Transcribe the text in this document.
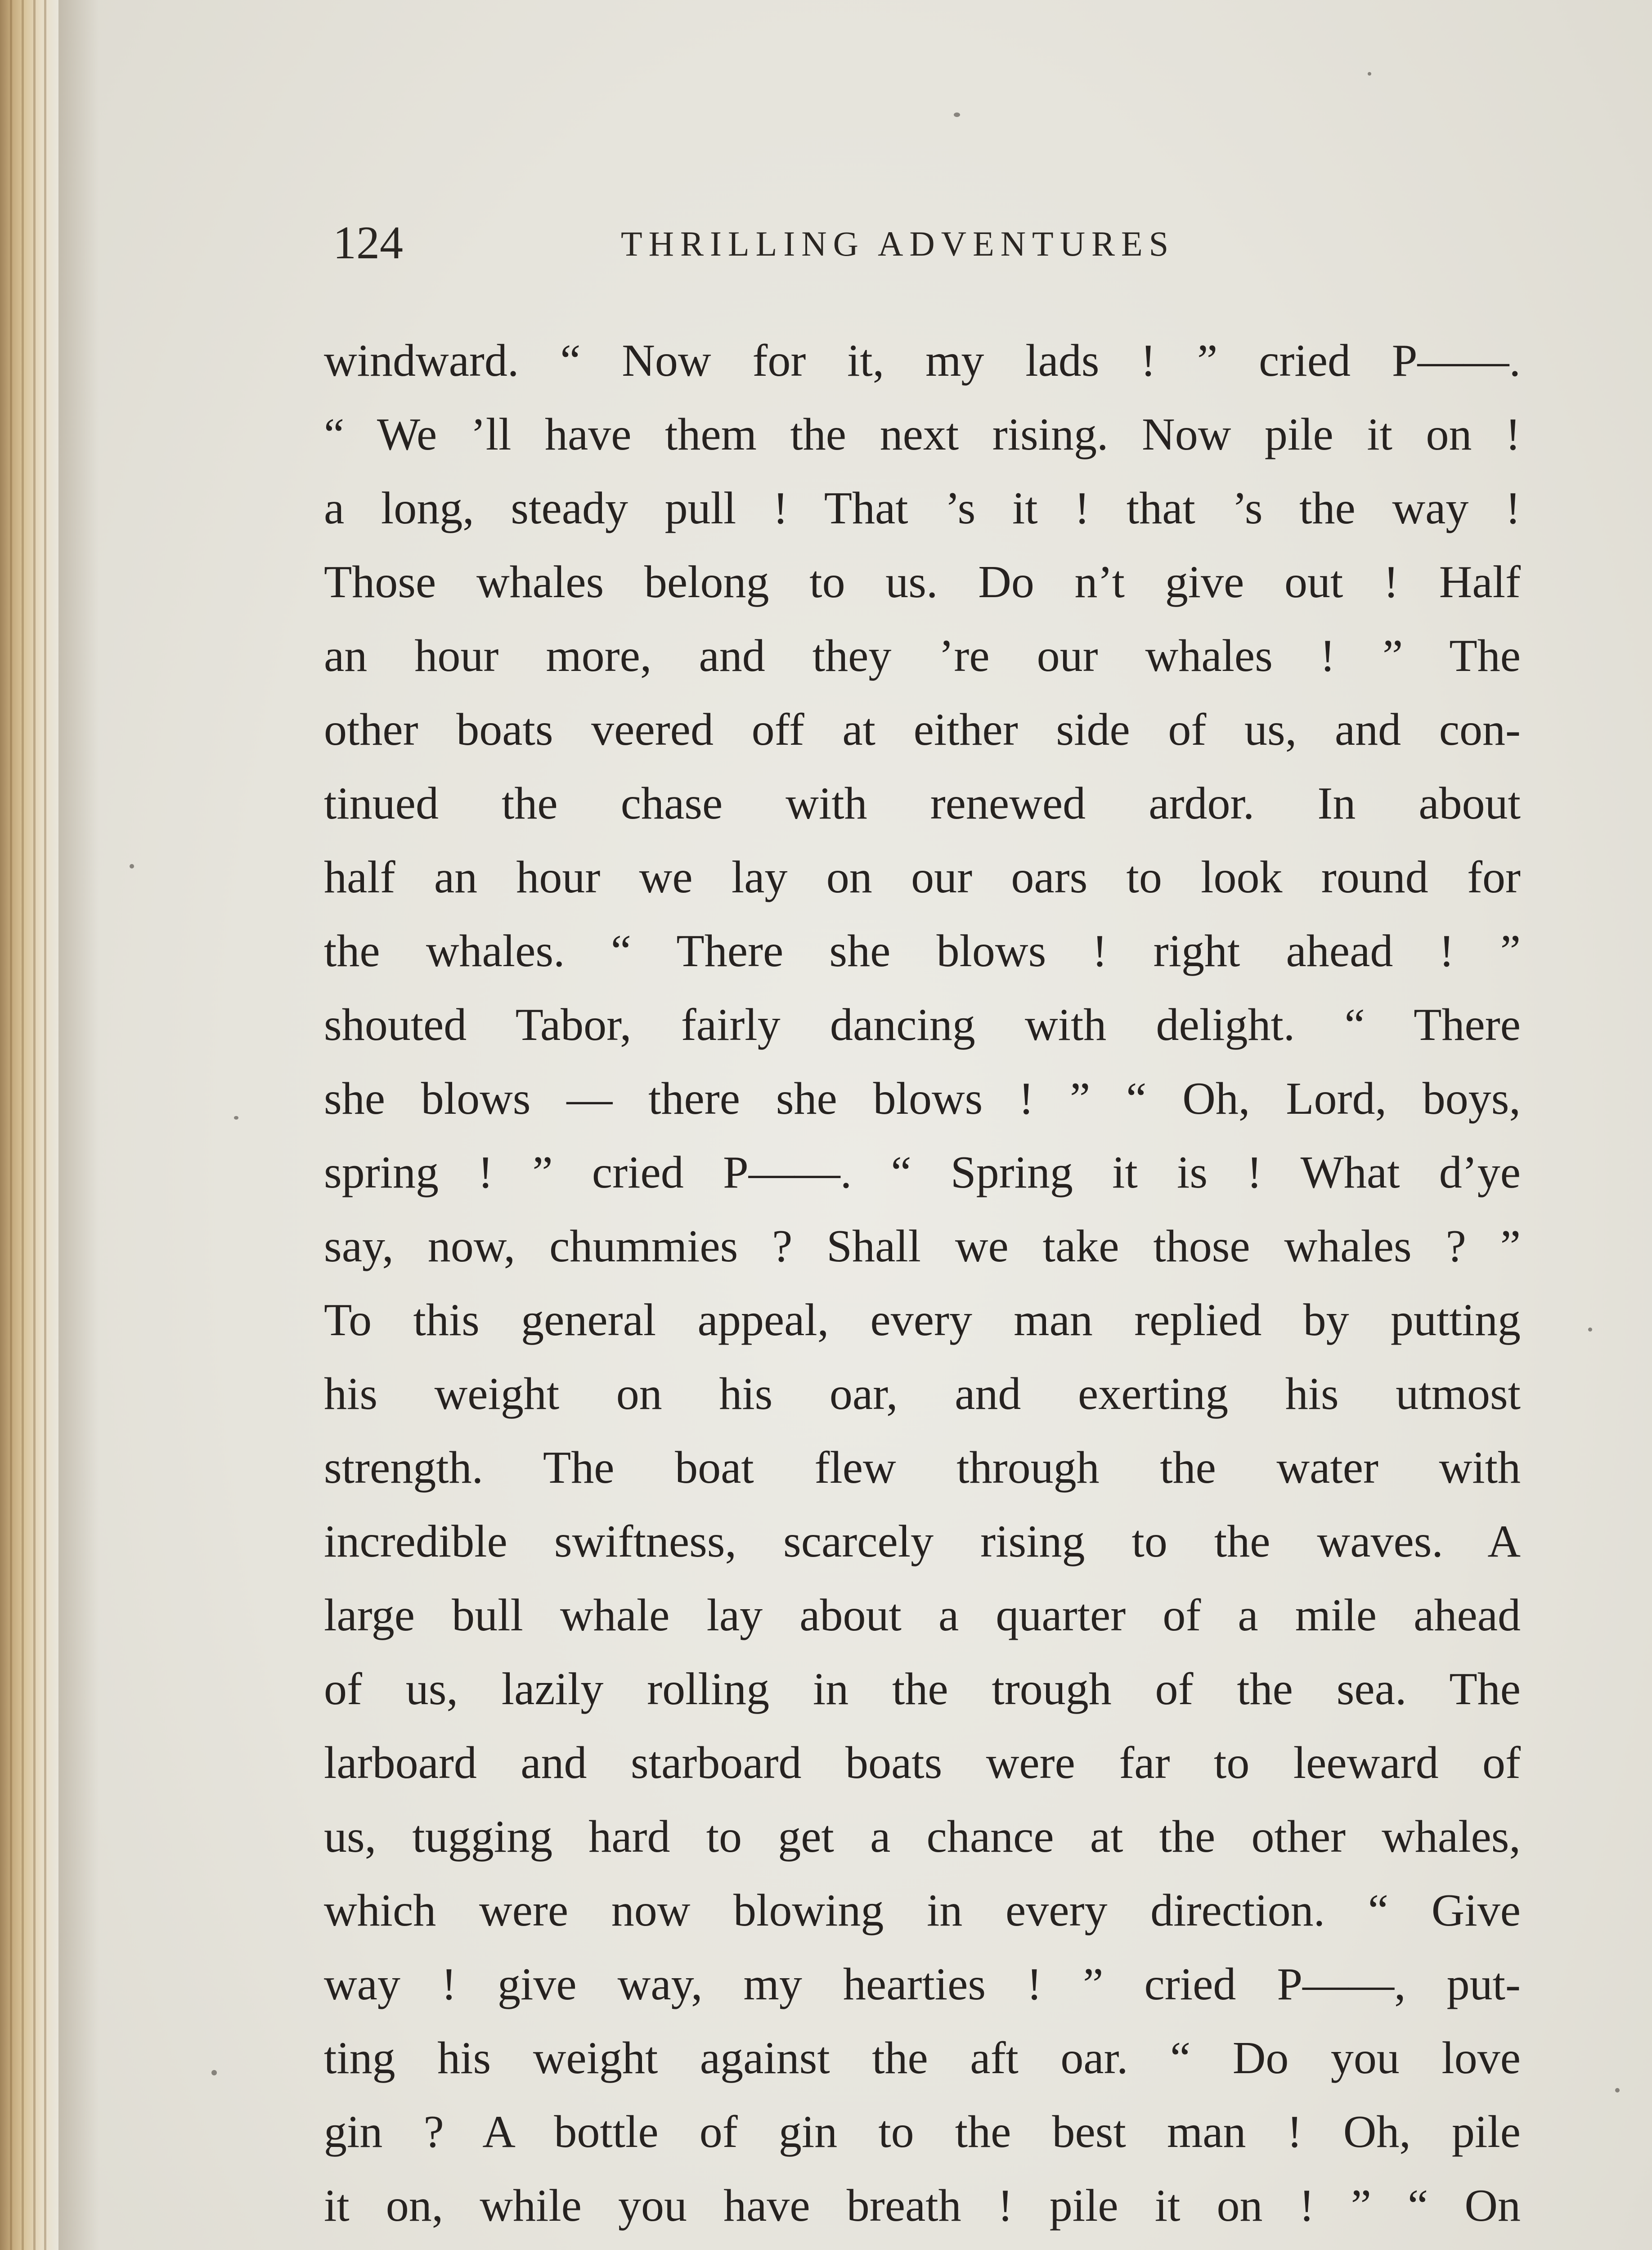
124	THRILLING ADVENTURES
windward. “ Now for it, my lads ! ” cried P——.
“ We ’ll have them the next rising. Now pile it on !
a long, steady pull ! That ’s it ! that ’s the way !
Those whales belong to us. Do n’t give out ! Half
an hour more, and they ’re our whales ! ” The
other boats veered off at either side of us, and con-
tinued the chase with renewed ardor. In about
half an hour we lay on our oars to look round for
the whales. “ There she blows ! right ahead ! ”
shouted Tabor, fairly dancing with delight. “ There
she blows — there she blows ! ” “ Oh, Lord, boys,
spring ! ” cried P——. “ Spring it is ! What d’ye
say, now, chummies ? Shall we take those whales ? ”
To this general appeal, every man replied by putting
his weight on his oar, and exerting his utmost
strength. The boat flew through the water with
incredible swiftness, scarcely rising to the waves. A
large bull whale lay about a quarter of a mile ahead
of us, lazily rolling in the trough of the sea. The
larboard and starboard boats were far to leeward of
us, tugging hard to get a chance at the other whales,
which were now blowing in every direction. “ Give
way ! give way, my hearties ! ” cried P——, put-
ting his weight against the aft oar. “ Do you love
gin ? A bottle of gin to the best man ! Oh, pile
it on, while you have breath ! pile it on ! ” “ On
